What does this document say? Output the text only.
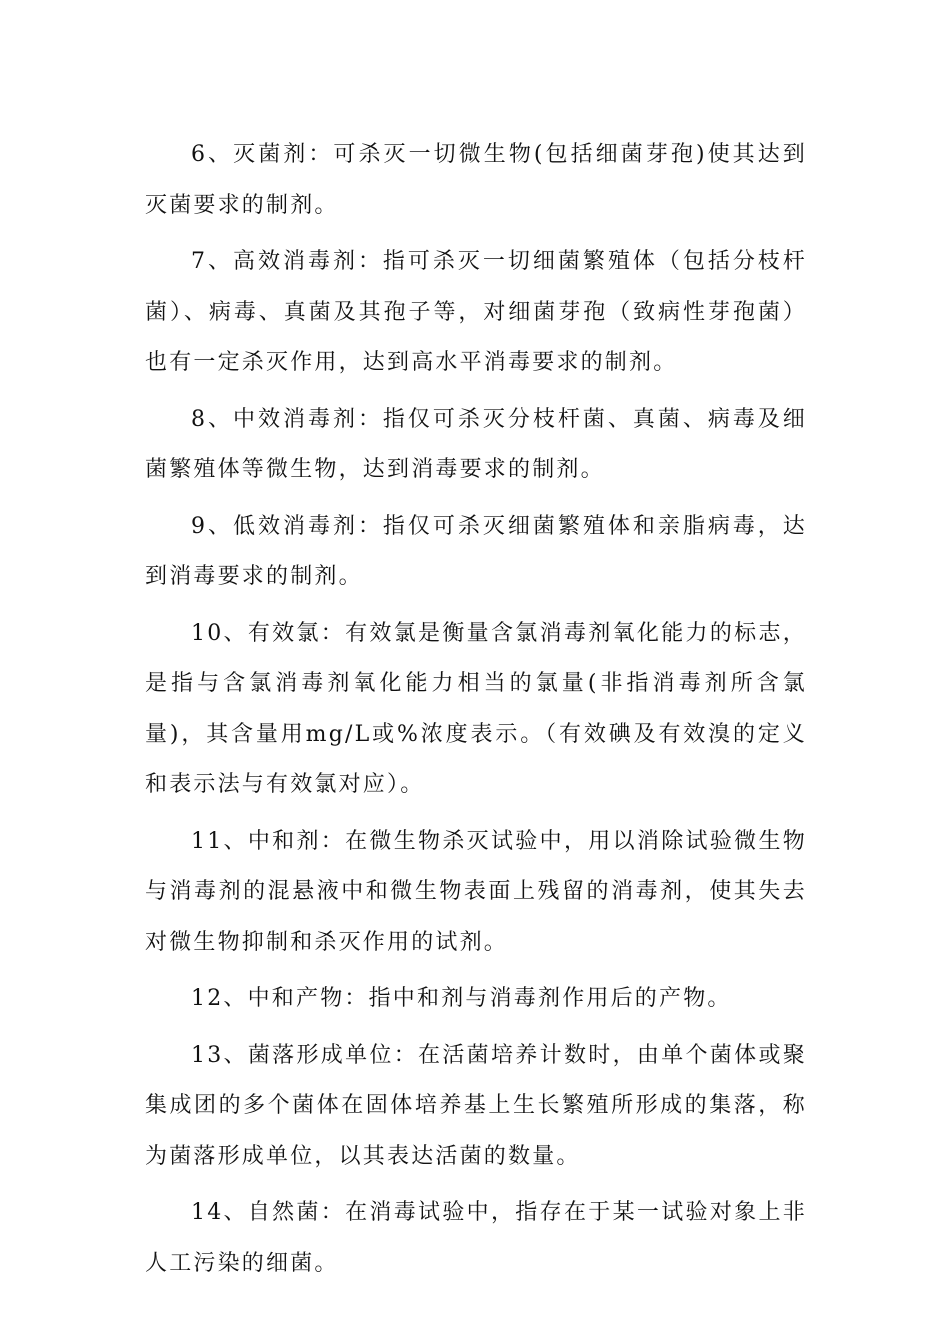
6、灭菌剂：可杀灭一切微生物(包括细菌芽孢)使其达到灭菌要求的制剂。

7、高效消毒剂：指可杀灭一切细菌繁殖体（包括分枝杆菌）、病毒、真菌及其孢子等，对细菌芽孢（致病性芽孢菌）也有一定杀灭作用，达到高水平消毒要求的制剂。

8、中效消毒剂：指仅可杀灭分枝杆菌、真菌、病毒及细菌繁殖体等微生物，达到消毒要求的制剂。

9、低效消毒剂：指仅可杀灭细菌繁殖体和亲脂病毒，达到消毒要求的制剂。

10、有效氯：有效氯是衡量含氯消毒剂氧化能力的标志，是指与含氯消毒剂氧化能力相当的氯量(非指消毒剂所含氯量)，其含量用mg/L或%浓度表示。（有效碘及有效溴的定义和表示法与有效氯对应）。

11、中和剂：在微生物杀灭试验中，用以消除试验微生物与消毒剂的混悬液中和微生物表面上残留的消毒剂，使其失去对微生物抑制和杀灭作用的试剂。

12、中和产物：指中和剂与消毒剂作用后的产物。

13、菌落形成单位：在活菌培养计数时，由单个菌体或聚集成团的多个菌体在固体培养基上生长繁殖所形成的集落，称为菌落形成单位，以其表达活菌的数量。

14、自然菌：在消毒试验中，指存在于某一试验对象上非人工污染的细菌。
